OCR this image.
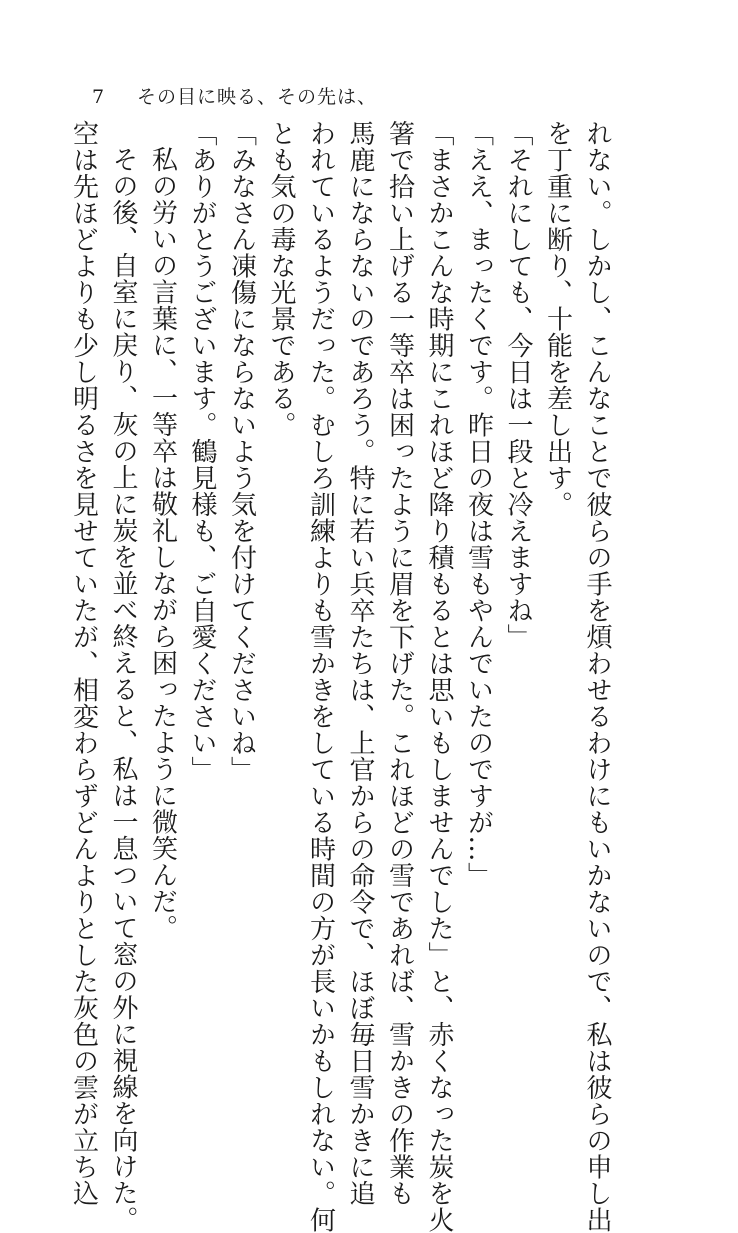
7 その目に映る、その先は、
れない。しかし、こんなことで彼らの手を煩わせるわけにもいかないので、私は彼らの申し出
を丁重に断り、十能を差し出す。
「それにしても、今日は一段と冷えますね」
「ええ、まったくです。昨日の夜は雪もやんでいたのですが…」
「まさかこんな時期にこれほど降り積もるとは思いもしませんでした」と、赤くなった炭を火
箸で拾い上げる一等卒は困ったように眉を下げた。これほどの雪であれば、雪かきの作業も
馬鹿にならないのであろう。特に若い兵卒たちは、上官からの命令で、ほぼ毎日雪かきに追
われているようだった。むしろ訓練よりも雪かきをしている時間の方が長いかもしれない。何
とも気の毒な光景である。
「みなさん凍傷にならないよう気を付けてくださいね」
「ありがとうございます。鶴見様も、ご自愛ください」
私の労いの言葉に、一等卒は敬礼しながら困ったように微笑んだ。
その後、自室に戻り、灰の上に炭を並べ終えると、私は一息ついて窓の外に視線を向けた。
空は先ほどよりも少し明るさを見せていたが、相変わらずどんよりとした灰色の雲が立ち込
